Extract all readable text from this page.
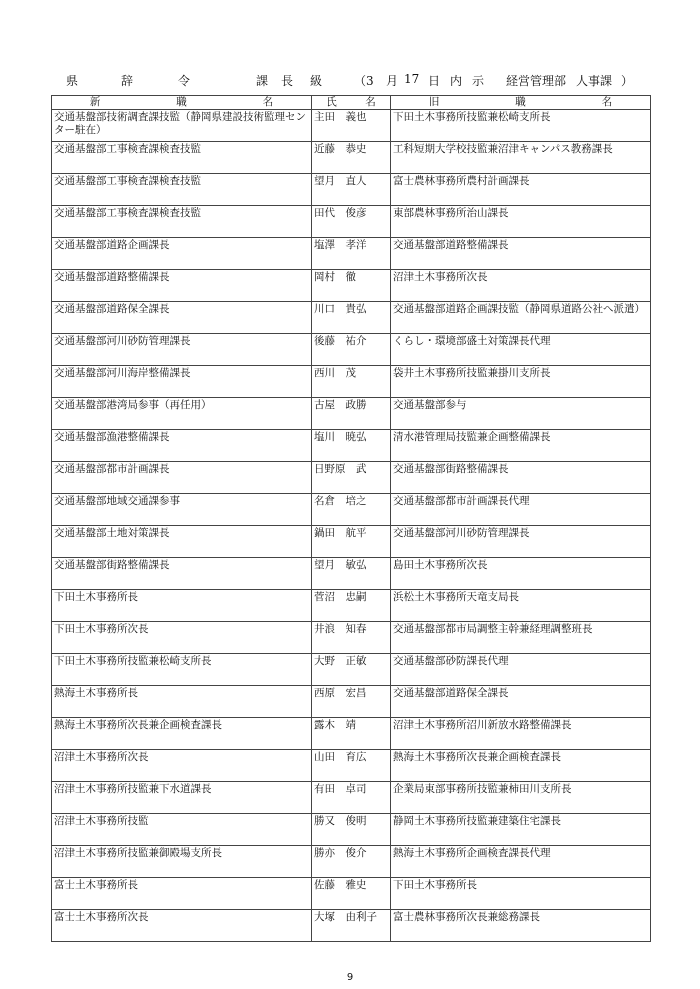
県	辞	令	課 長 級	（3 月 17 日 内 示 経営管理部 人事課 ）
新 職 名	氏 名	旧 職 名

交通基盤部技術調査課技監（静岡県建設技術監理センター駐在）	主田　義也	下田土木事務所技監兼松崎支所長
交通基盤部工事検査課検査技監	近藤　恭史	工科短期大学校技監兼沼津キャンパス教務課長
交通基盤部工事検査課検査技監	望月　直人	富士農林事務所農村計画課長
交通基盤部工事検査課検査技監	田代　俊彦	東部農林事務所治山課長
交通基盤部道路企画課長	塩澤　孝洋	交通基盤部道路整備課長
交通基盤部道路整備課長	岡村　徹	沼津土木事務所次長
交通基盤部道路保全課長	川口　貴弘	交通基盤部道路企画課技監（静岡県道路公社へ派遣）
交通基盤部河川砂防管理課長	後藤　祐介	くらし・環境部盛土対策課長代理
交通基盤部河川海岸整備課長	西川　茂	袋井土木事務所技監兼掛川支所長
交通基盤部港湾局参事（再任用）	古屋　政勝	交通基盤部参与
交通基盤部漁港整備課長	塩川　暁弘	清水港管理局技監兼企画整備課長
交通基盤部都市計画課長	日野原　武	交通基盤部街路整備課長
交通基盤部地域交通課参事	名倉　培之	交通基盤部都市計画課長代理
交通基盤部土地対策課長	鍋田　航平	交通基盤部河川砂防管理課長
交通基盤部街路整備課長	望月　敏弘	島田土木事務所次長
下田土木事務所長	菅沼　忠嗣	浜松土木事務所天竜支局長
下田土木事務所次長	井浪　知春	交通基盤部都市局調整主幹兼経理調整班長
下田土木事務所技監兼松崎支所長	大野　正敏	交通基盤部砂防課長代理
熱海土木事務所長	西原　宏昌	交通基盤部道路保全課長
熱海土木事務所次長兼企画検査課長	露木　靖	沼津土木事務所沼川新放水路整備課長
沼津土木事務所次長	山田　育広	熱海土木事務所次長兼企画検査課長
沼津土木事務所技監兼下水道課長	有田　卓司	企業局東部事務所技監兼柿田川支所長
沼津土木事務所技監	勝又　俊明	静岡土木事務所技監兼建築住宅課長
沼津土木事務所技監兼御殿場支所長	勝亦　俊介	熱海土木事務所企画検査課長代理
富士土木事務所長	佐藤　雅史	下田土木事務所長
富士土木事務所次長	大塚　由利子	富士農林事務所次長兼総務課長
9
